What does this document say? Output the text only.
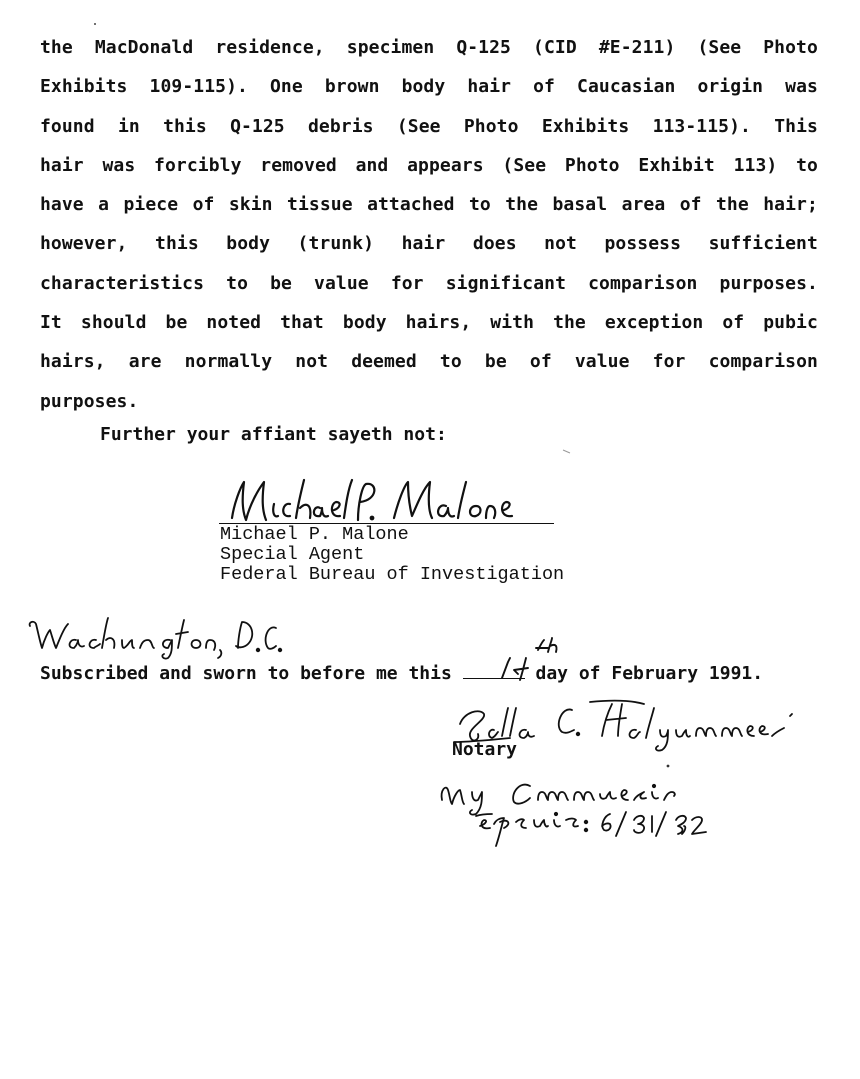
the MacDonald residence, specimen Q-125 (CID #E-211) (See Photo
Exhibits 109-115). One brown body hair of Caucasian origin was
found in this Q-125 debris (See Photo Exhibits 113-115). This
hair was forcibly removed and appears (See Photo Exhibit 113) to
have a piece of skin tissue attached to the basal area of the hair;
however, this body (trunk) hair does not possess sufficient
characteristics to be value for significant comparison purposes.
It should be noted that body hairs, with the exception of pubic
hairs, are normally not deemed to be of value for comparison
purposes.
Further your affiant sayeth not:
Michael P. Malone
Special Agent
Federal Bureau of Investigation
Subscribed and sworn to before me this	day of February 1991.
Notary
